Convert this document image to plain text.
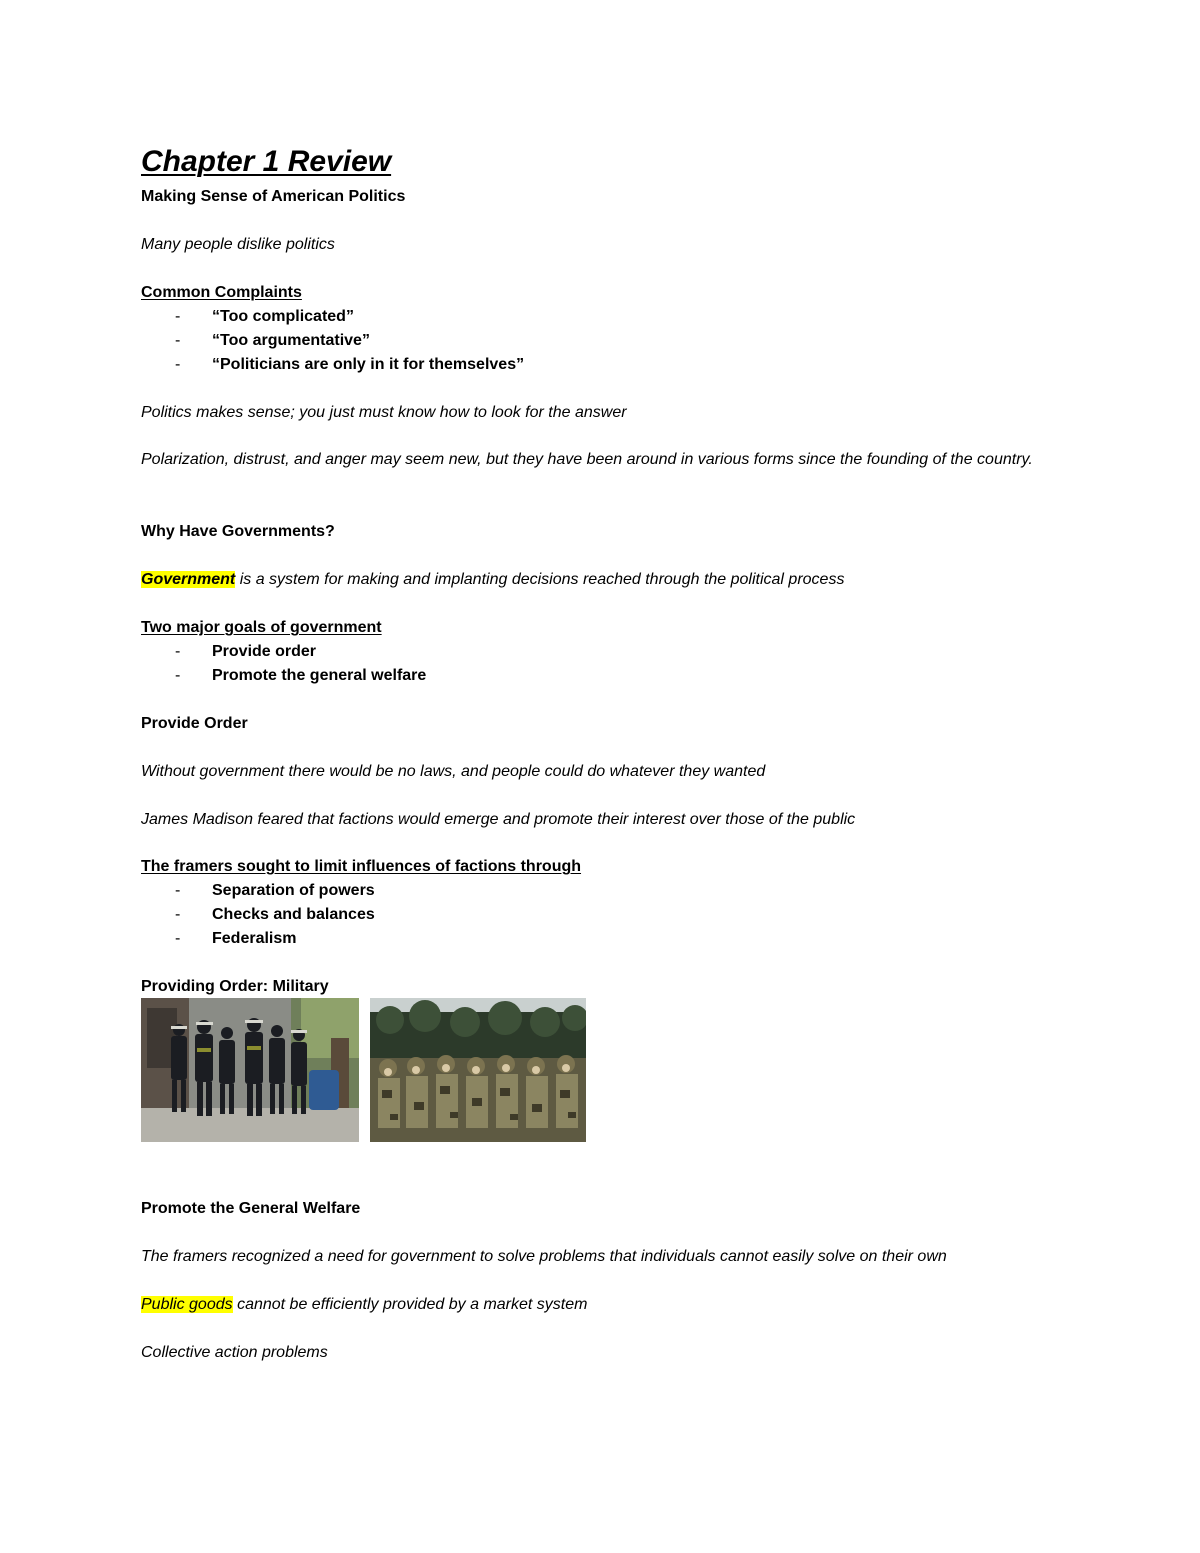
Chapter 1 Review
Making Sense of American Politics
Many people dislike politics
Common Complaints
- “Too complicated”
- “Too argumentative”
- “Politicians are only in it for themselves”
Politics makes sense; you just must know how to look for the answer
Polarization, distrust, and anger may seem new, but they have been around in various forms since the founding of the country.
Why Have Governments?
Government is a system for making and implanting decisions reached through the political process
Two major goals of government
- Provide order
- Promote the general welfare
Provide Order
Without government there would be no laws, and people could do whatever they wanted
James Madison feared that factions would emerge and promote their interest over those of the public
The framers sought to limit influences of factions through
- Separation of powers
- Checks and balances
- Federalism
Providing Order: Military
Promote the General Welfare
The framers recognized a need for government to solve problems that individuals cannot easily solve on their own
Public goods cannot be efficiently provided by a market system
Collective action problems
